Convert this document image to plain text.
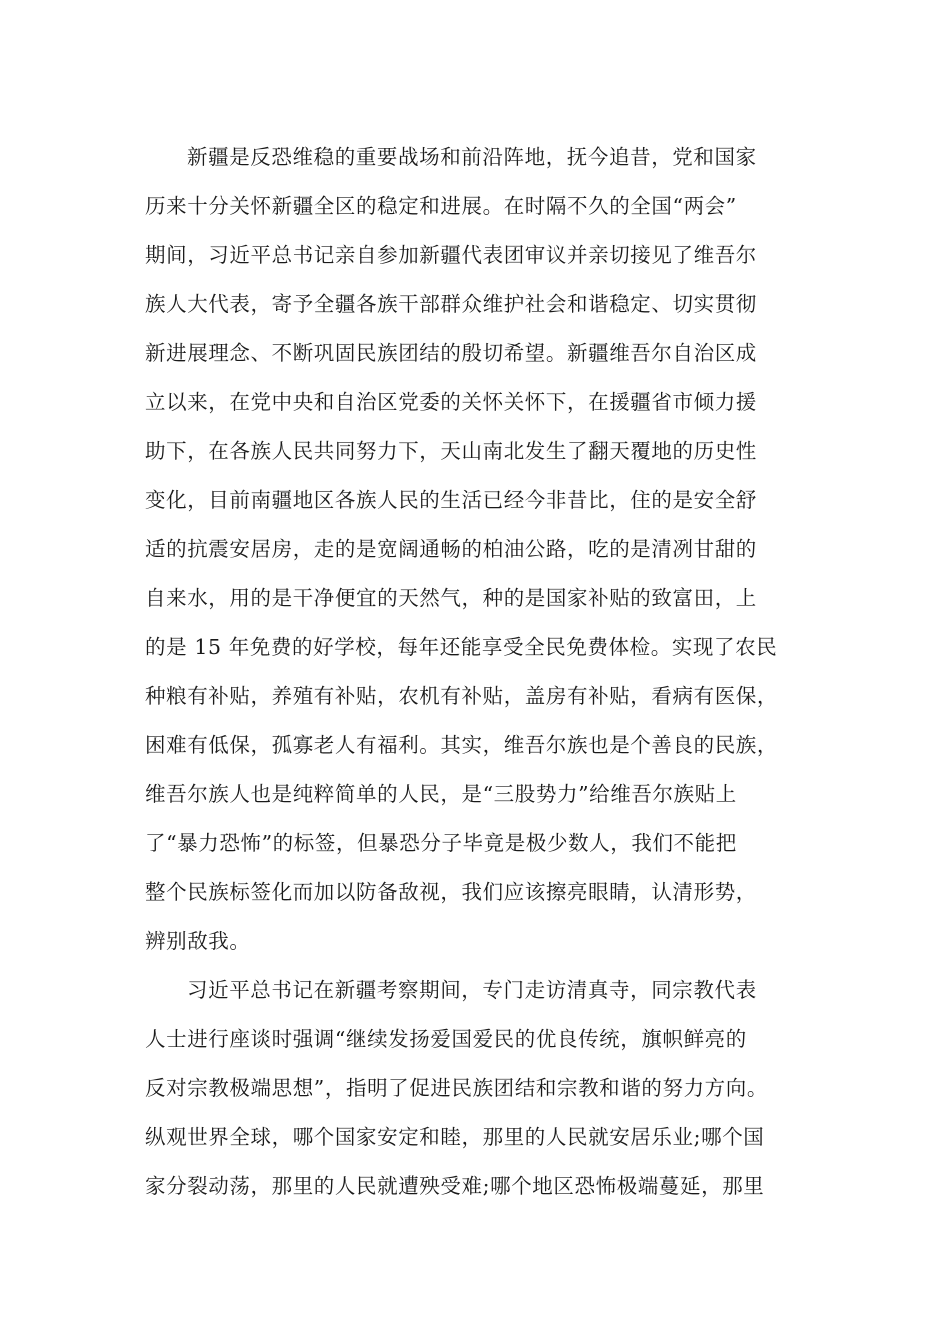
新疆是反恐维稳的重要战场和前沿阵地，抚今追昔，党和国家
历来十分关怀新疆全区的稳定和进展。在时隔不久的全国“两会”
期间，习近平总书记亲自参加新疆代表团审议并亲切接见了维吾尔
族人大代表，寄予全疆各族干部群众维护社会和谐稳定、切实贯彻
新进展理念、不断巩固民族团结的殷切希望。新疆维吾尔自治区成
立以来，在党中央和自治区党委的关怀关怀下，在援疆省市倾力援
助下，在各族人民共同努力下，天山南北发生了翻天覆地的历史性
变化，目前南疆地区各族人民的生活已经今非昔比，住的是安全舒
适的抗震安居房，走的是宽阔通畅的柏油公路，吃的是清冽甘甜的
自来水，用的是干净便宜的天然气，种的是国家补贴的致富田，上
的是 15 年免费的好学校，每年还能享受全民免费体检。实现了农民
种粮有补贴，养殖有补贴，农机有补贴，盖房有补贴，看病有医保，
困难有低保，孤寡老人有福利。其实，维吾尔族也是个善良的民族，
维吾尔族人也是纯粹简单的人民，是“三股势力”给维吾尔族贴上
了“暴力恐怖”的标签，但暴恐分子毕竟是极少数人，我们不能把
整个民族标签化而加以防备敌视，我们应该擦亮眼睛，认清形势，
辨别敌我。
习近平总书记在新疆考察期间，专门走访清真寺，同宗教代表
人士进行座谈时强调“继续发扬爱国爱民的优良传统，旗帜鲜亮的
反对宗教极端思想”，指明了促进民族团结和宗教和谐的努力方向。
纵观世界全球，哪个国家安定和睦，那里的人民就安居乐业;哪个国
家分裂动荡，那里的人民就遭殃受难;哪个地区恐怖极端蔓延，那里
